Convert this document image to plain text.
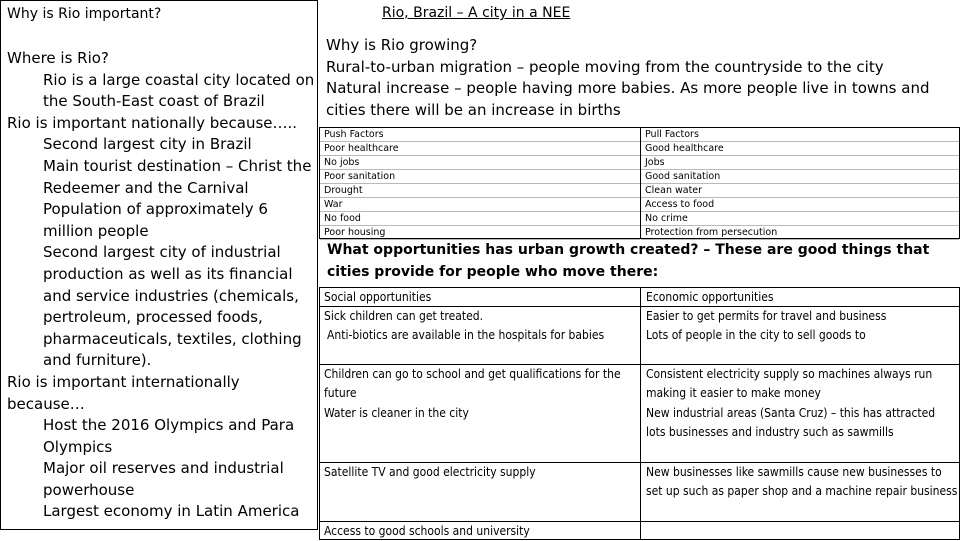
Why is Rio important?
Where is Rio?
Rio is a large coastal city located on
the South-East coast of Brazil
Rio is important nationally because…..
Second largest city in Brazil
Main tourist destination – Christ the
Redeemer and the Carnival
Population of approximately 6
million people
Second largest city of industrial
production as well as its financial
and service industries (chemicals,
pertroleum, processed foods,
pharmaceuticals, textiles, clothing
and furniture).
Rio is important internationally because…
Host the 2016 Olympics and Para
Olympics
Major oil reserves and industrial
powerhouse
Largest economy in Latin America
Rio, Brazil – A city in a NEE
Why is Rio growing?
Rural-to-urban migration – people moving from the countryside to the city
Natural increase – people having more babies. As more people live in towns and cities there will be an increase in births
Push Factors
Poor healthcare
No jobs
Poor sanitation
Drought
War
No food
Poor housing
Pull Factors
Good healthcare
Jobs
Good sanitation
Clean water
Access to food
No crime
Protection from persecution
What opportunities has urban growth created? – These are good things that cities provide for people who move there:
Social opportunities	Economic opportunities
Sick children can get treated.
Anti-biotics are available in the hospitals for babies
Easier to get permits for travel and business
Lots of people in the city to sell goods to
Children can go to school and get qualifications for the future
Water is cleaner in the city
Consistent electricity supply so machines always run making it easier to make money
New industrial areas (Santa Cruz) – this has attracted lots businesses and industry such as sawmills
Satellite TV and good electricity supply	New businesses like sawmills cause new businesses to set up such as paper shop and a machine repair business
Access to good schools and university
